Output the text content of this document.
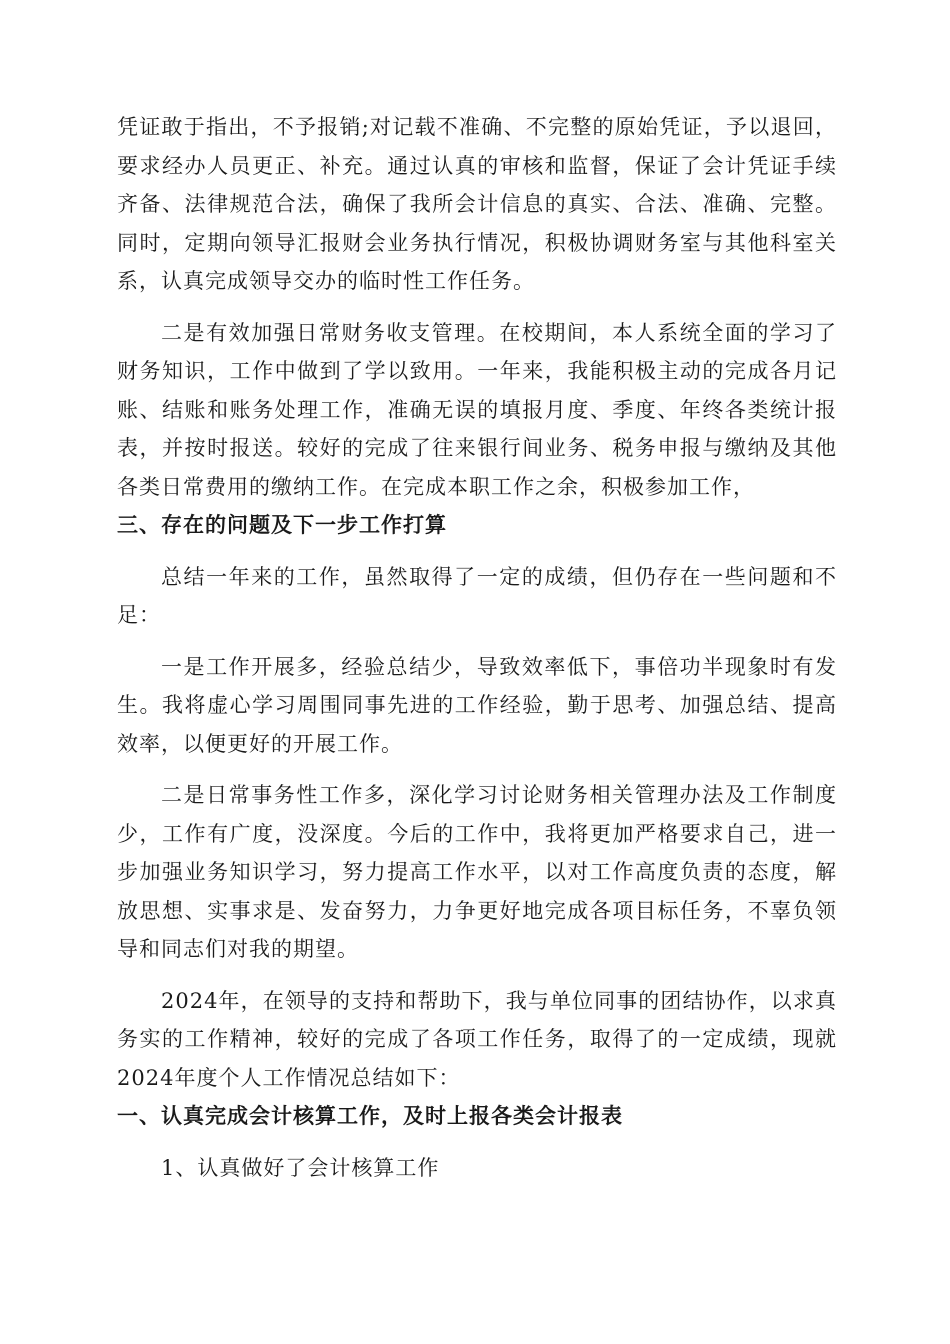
凭证敢于指出，不予报销;对记载不准确、不完整的原始凭证，予以退回，要求经办人员更正、补充。通过认真的审核和监督，保证了会计凭证手续齐备、法律规范合法，确保了我所会计信息的真实、合法、准确、完整。同时，定期向领导汇报财会业务执行情况，积极协调财务室与其他科室关系，认真完成领导交办的临时性工作任务。

二是有效加强日常财务收支管理。在校期间，本人系统全面的学习了财务知识，工作中做到了学以致用。一年来，我能积极主动的完成各月记账、结账和账务处理工作，准确无误的填报月度、季度、年终各类统计报表，并按时报送。较好的完成了往来银行间业务、税务申报与缴纳及其他各类日常费用的缴纳工作。在完成本职工作之余，积极参加工作，

三、存在的问题及下一步工作打算

总结一年来的工作，虽然取得了一定的成绩，但仍存在一些问题和不足：

一是工作开展多，经验总结少，导致效率低下，事倍功半现象时有发生。我将虚心学习周围同事先进的工作经验，勤于思考、加强总结、提高效率，以便更好的开展工作。

二是日常事务性工作多，深化学习讨论财务相关管理办法及工作制度少，工作有广度，没深度。今后的工作中，我将更加严格要求自己，进一步加强业务知识学习，努力提高工作水平，以对工作高度负责的态度，解放思想、实事求是、发奋努力，力争更好地完成各项目标任务，不辜负领导和同志们对我的期望。

2024年，在领导的支持和帮助下，我与单位同事的团结协作，以求真务实的工作精神，较好的完成了各项工作任务，取得了的一定成绩，现就2024年度个人工作情况总结如下：

一、认真完成会计核算工作，及时上报各类会计报表

1、认真做好了会计核算工作
